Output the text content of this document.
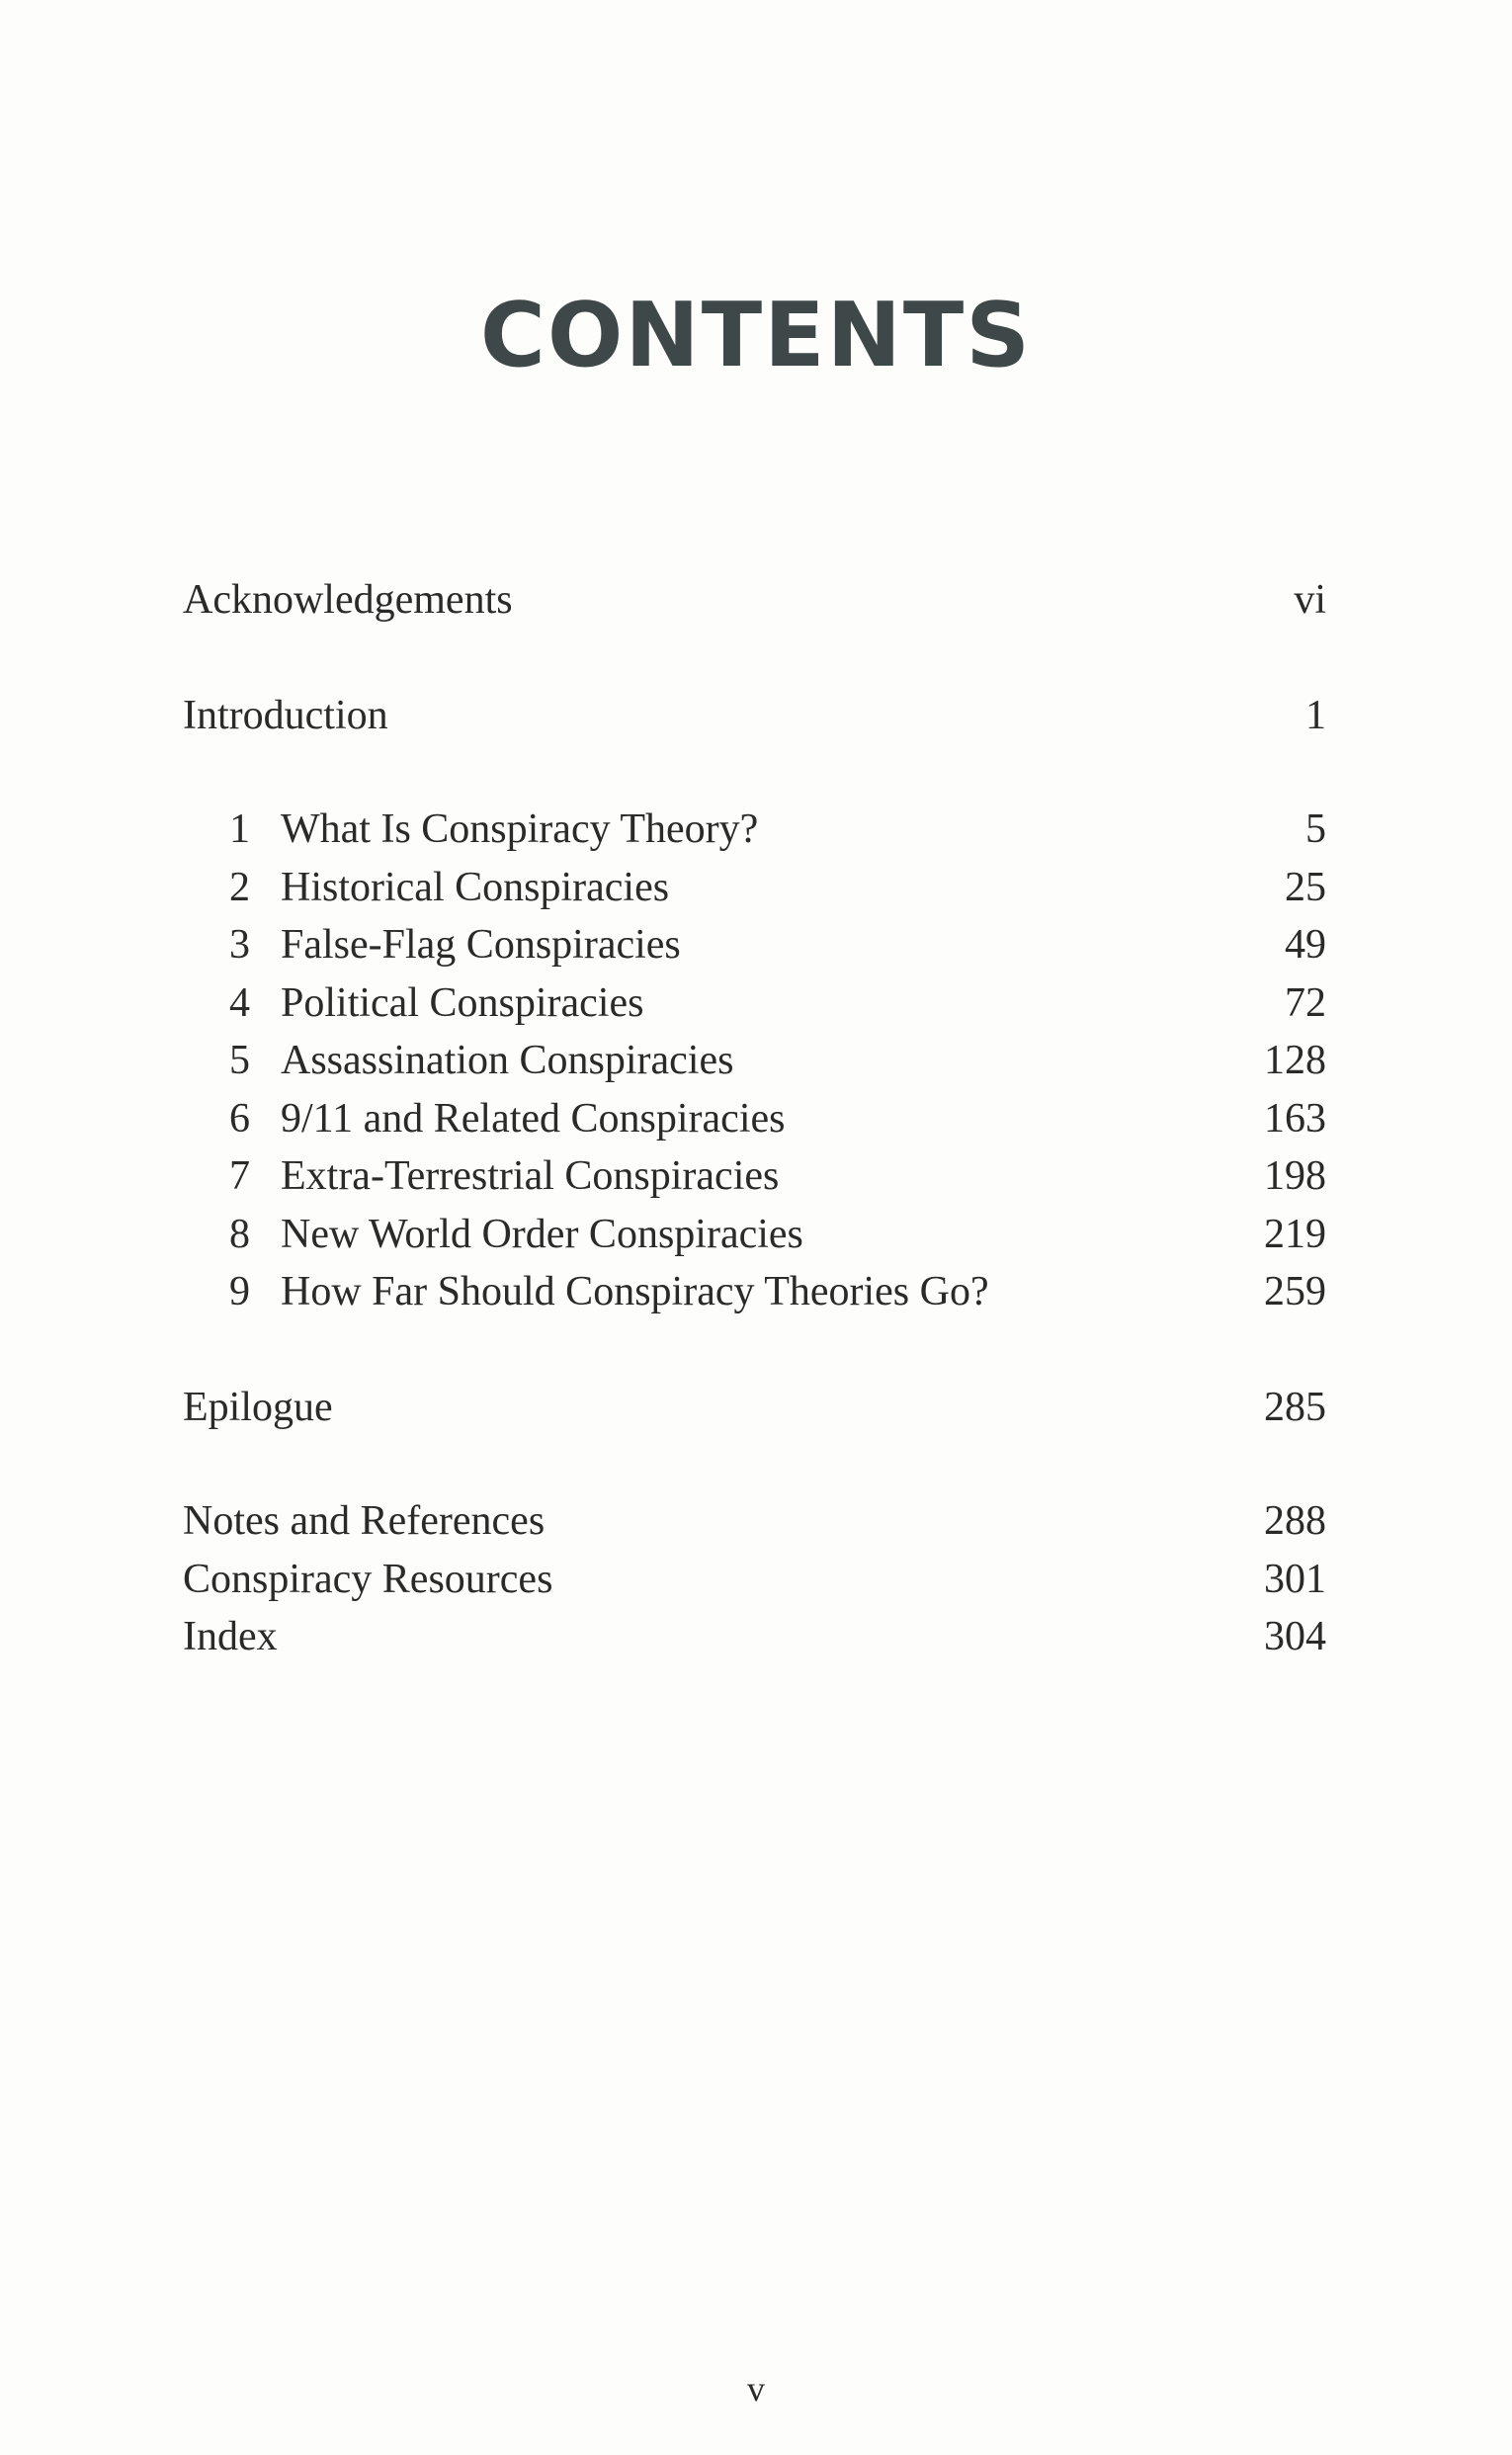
CONTENTS
Acknowledgements	vi
Introduction	1
1 What Is Conspiracy Theory?	5
2 Historical Conspiracies	25
3 False-Flag Conspiracies	49
4 Political Conspiracies	72
5 Assassination Conspiracies	128
6 9/11 and Related Conspiracies	163
7 Extra-Terrestrial Conspiracies	198
8 New World Order Conspiracies	219
9 How Far Should Conspiracy Theories Go?	259
Epilogue	285
Notes and References	288
Conspiracy Resources	301
Index	304
v
